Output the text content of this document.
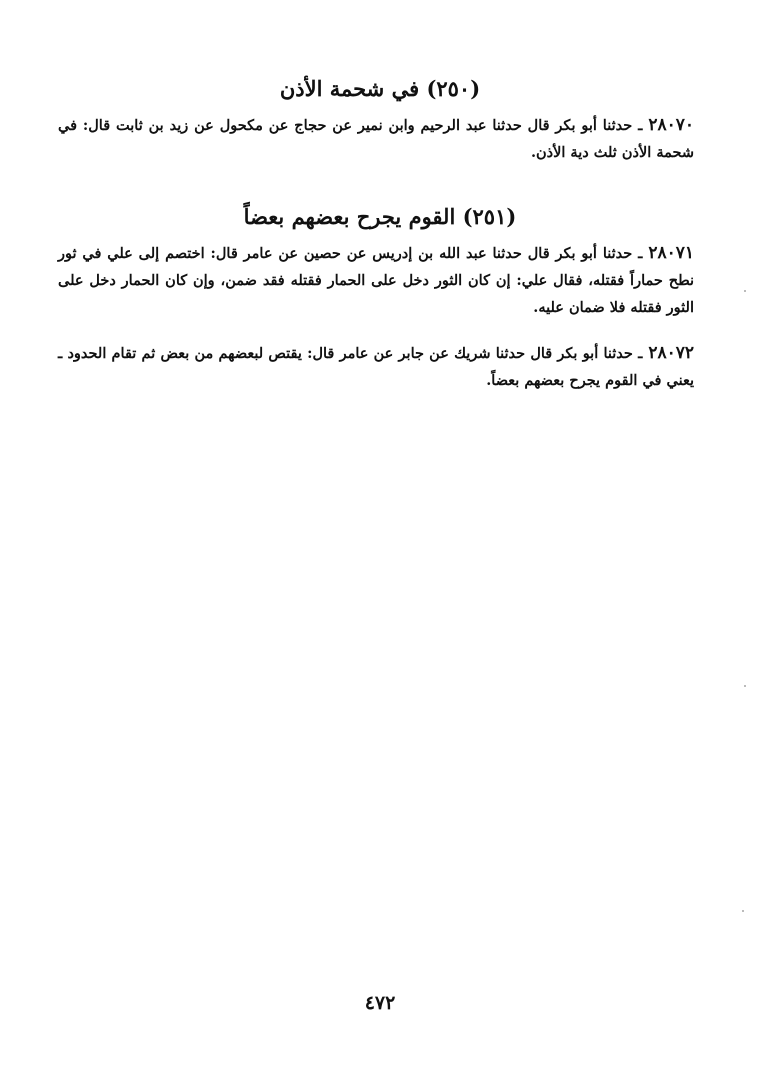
(٢٥٠) في شحمة الأذن
٢٨٠٧٠ـ حدثنا أبو بكر قال حدثنا عبد الرحيم وابن نمير عن حجاج عن مكحول عن زيد بن ثابت قال: في شحمة الأذن ثلث دية الأذن.
(٢٥١) القوم يجرح بعضهم بعضاً
٢٨٠٧١ـ حدثنا أبو بكر قال حدثنا عبد الله بن إدريس عن حصين عن عامر قال: اختصم إلى علي في ثور نطح حماراً فقتله، فقال علي: إن كان الثور دخل على الحمار فقتله فقد ضمن، وإن كان الحمار دخل على الثور فقتله فلا ضمان عليه.
٢٨٠٧٢ـ حدثنا أبو بكر قال حدثنا شريك عن جابر عن عامر قال: يقتص لبعضهم من بعض ثم تقام الحدود ـ يعني في القوم يجرح بعضهم بعضاً.
٤٧٢
